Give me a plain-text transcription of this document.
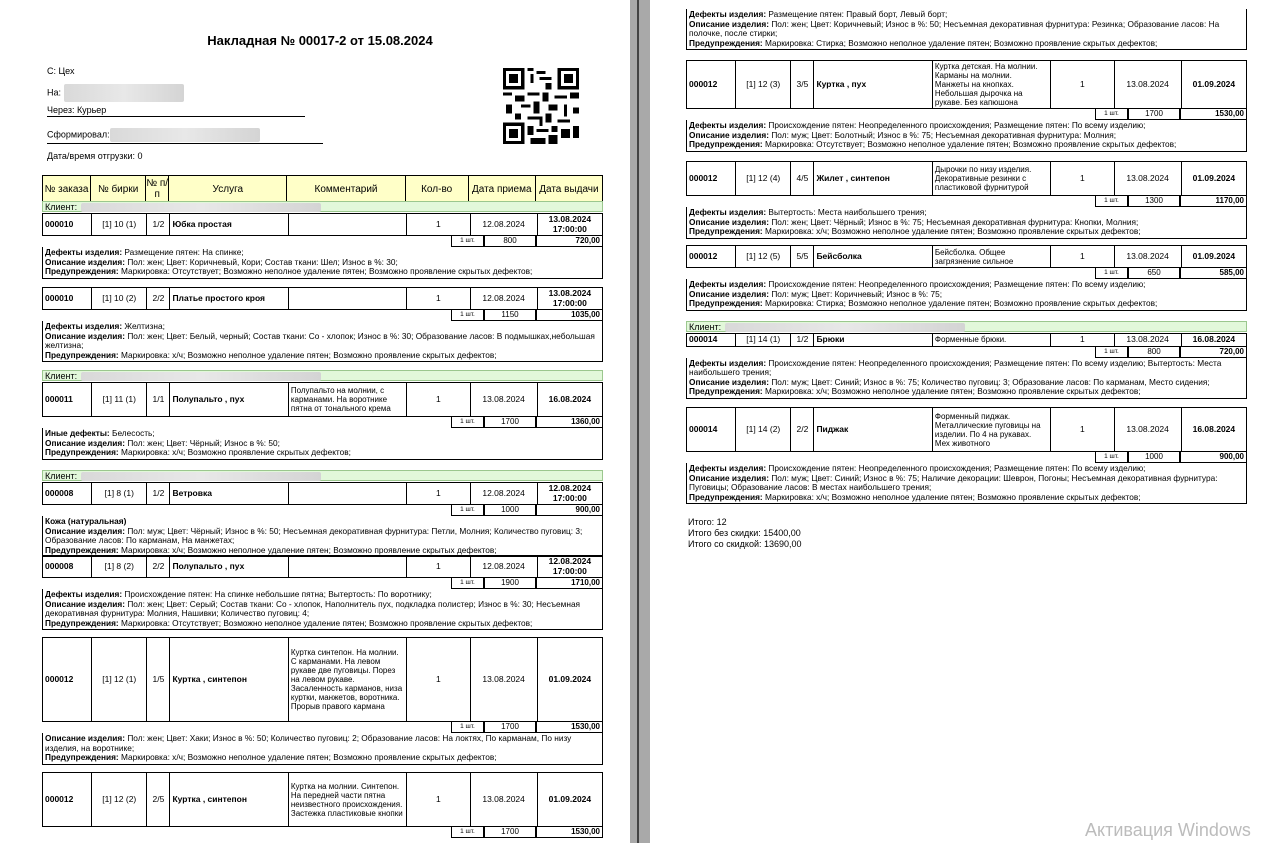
Накладная № 00017-2 от 15.08.2024
С: Цех
На:
Через: Курьер
Сформировал:
Дата/время отгрузки: 0
№ заказа	№ бирки	№ п/п	Услуга	Комментарий	Кол-во	Дата приема	Дата выдачи
Клиент:
000010	[1] 10 (1)	1/2	Юбка простая		1	12.08.2024	13.08.2024 17:00:00
1 шт.	800	720,00
Дефекты изделия: Размещение пятен: На спинке;
Описание изделия: Пол: жен; Цвет: Коричневый, Кори; Состав ткани: Шел; Износ в %: 30;
Предупреждения: Маркировка: Отсутствует; Возможно неполное удаление пятен; Возможно проявление скрытых дефектов;
000010	[1] 10 (2)	2/2	Платье простого кроя		1	12.08.2024	13.08.2024 17:00:00
1 шт.	1150	1035,00
Дефекты изделия: Желтизна;
Описание изделия: Пол: жен; Цвет: Белый, черный; Состав ткани: Со - хлопок; Износ в %: 30; Образование ласов: В подмышках,небольшая желтизна;
Предупреждения: Маркировка: х/ч; Возможно неполное удаление пятен; Возможно проявление скрытых дефектов;
Клиент:
000011	[1] 11 (1)	1/1	Полупальто , пух	Полупальто на молнии, с карманами. На воротнике пятна от тонального крема	1	13.08.2024	16.08.2024
1 шт.	1700	1360,00
Иные дефекты: Белесость;
Описание изделия: Пол: жен; Цвет: Чёрный; Износ в %: 50;
Предупреждения: Маркировка: х/ч; Возможно проявление скрытых дефектов;
Клиент:
000008	[1] 8 (1)	1/2	Ветровка		1	12.08.2024	12.08.2024 17:00:00
1 шт.	1000	900,00
Кожа (натуральная)
Описание изделия: Пол: муж; Цвет: Чёрный; Износ в %: 50; Несъемная декоративная фурнитура: Петли, Молния; Количество пуговиц: 3; Образование ласов: По карманам, На манжетах;
Предупреждения: Маркировка: х/ч; Возможно неполное удаление пятен; Возможно проявление скрытых дефектов;
000008	[1] 8 (2)	2/2	Полупальто , пух		1	12.08.2024	12.08.2024 17:00:00
1 шт.	1900	1710,00
Дефекты изделия: Происхождение пятен: На спинке небольшие пятна; Вытертость: По воротнику;
Описание изделия: Пол: жен; Цвет: Серый; Состав ткани: Со - хлопок, Наполнитель пух, подкладка полистер; Износ в %: 30; Несъемная декоративная фурнитура: Молния, Нашивки; Количество пуговиц: 4;
Предупреждения: Маркировка: Отсутствует; Возможно неполное удаление пятен; Возможно проявление скрытых дефектов;
000012	[1] 12 (1)	1/5	Куртка , синтепон	Куртка синтепон. На молнии. С карманами. На левом рукаве две пуговицы. Порез на левом рукаве. Засаленность карманов, низа куртки, манжетов, воротника. Прорыв правого кармана	1	13.08.2024	01.09.2024
1 шт.	1700	1530,00
Описание изделия: Пол: жен; Цвет: Хаки; Износ в %: 50; Количество пуговиц: 2; Образование ласов: На локтях, По карманам, По низу изделия, на воротнике;
Предупреждения: Маркировка: х/ч; Возможно неполное удаление пятен; Возможно проявление скрытых дефектов;
000012	[1] 12 (2)	2/5	Куртка , синтепон	Куртка на молнии. Синтепон. На передней части пятна неизвестного происхождения. Застежка пластиковые кнопки	1	13.08.2024	01.09.2024
1 шт.	1700	1530,00
Дефекты изделия: Размещение пятен: Правый борт, Левый борт;
Описание изделия: Пол: жен; Цвет: Коричневый; Износ в %: 50; Несъемная декоративная фурнитура: Резинка; Образование ласов: На полочке, после стирки;
Предупреждения: Маркировка: Стирка; Возможно неполное удаление пятен; Возможно проявление скрытых дефектов;
000012	[1] 12 (3)	3/5	Куртка , пух	Куртка детская. На молнии. Карманы на молнии. Манжеты на кнопках. Небольшая дырочка на рукаве. Без капюшона	1	13.08.2024	01.09.2024
1 шт.	1700	1530,00
Дефекты изделия: Происхождение пятен: Неопределенного происхождения; Размещение пятен: По всему изделию;
Описание изделия: Пол: муж; Цвет: Болотный; Износ в %: 75; Несъемная декоративная фурнитура: Молния;
Предупреждения: Маркировка: Отсутствует; Возможно неполное удаление пятен; Возможно проявление скрытых дефектов;
000012	[1] 12 (4)	4/5	Жилет , синтепон	Дырочки по низу изделия. Декоративные резинки с пластиковой фурнитурой	1	13.08.2024	01.09.2024
1 шт.	1300	1170,00
Дефекты изделия: Вытертость: Места наибольшего трения;
Описание изделия: Пол: жен; Цвет: Чёрный; Износ в %: 75; Несъемная декоративная фурнитура: Кнопки, Молния;
Предупреждения: Маркировка: х/ч; Возможно неполное удаление пятен; Возможно проявление скрытых дефектов;
000012	[1] 12 (5)	5/5	Бейсболка	Бейсболка. Общее загрязнение сильное	1	13.08.2024	01.09.2024
1 шт.	650	585,00
Дефекты изделия: Происхождение пятен: Неопределенного происхождения; Размещение пятен: По всему изделию;
Описание изделия: Пол: муж; Цвет: Коричневый; Износ в %: 75;
Предупреждения: Маркировка: Стирка; Возможно неполное удаление пятен; Возможно проявление скрытых дефектов;
Клиент:
000014	[1] 14 (1)	1/2	Брюки	Форменные брюки.	1	13.08.2024	16.08.2024
1 шт.	800	720,00
Дефекты изделия: Происхождение пятен: Неопределенного происхождения; Размещение пятен: По всему изделию; Вытертость: Места наибольшего трения;
Описание изделия: Пол: муж; Цвет: Синий; Износ в %: 75; Количество пуговиц: 3; Образование ласов: По карманам, Место сидения;
Предупреждения: Маркировка: х/ч; Возможно неполное удаление пятен; Возможно проявление скрытых дефектов;
000014	[1] 14 (2)	2/2	Пиджак	Форменный пиджак. Металлические пуговицы на изделии. По 4 на рукавах. Мех животного	1	13.08.2024	16.08.2024
1 шт.	1000	900,00
Дефекты изделия: Происхождение пятен: Неопределенного происхождения; Размещение пятен: По всему изделию;
Описание изделия: Пол: муж; Цвет: Синий; Износ в %: 75; Наличие декорации: Шеврон, Погоны; Несъемная декоративная фурнитура: Пуговицы; Образование ласов: В местах наибольшего трения;
Предупреждения: Маркировка: х/ч; Возможно неполное удаление пятен; Возможно проявление скрытых дефектов;
Итого: 12
Итого без скидки: 15400,00
Итого со скидкой: 13690,00
Активация Windows
